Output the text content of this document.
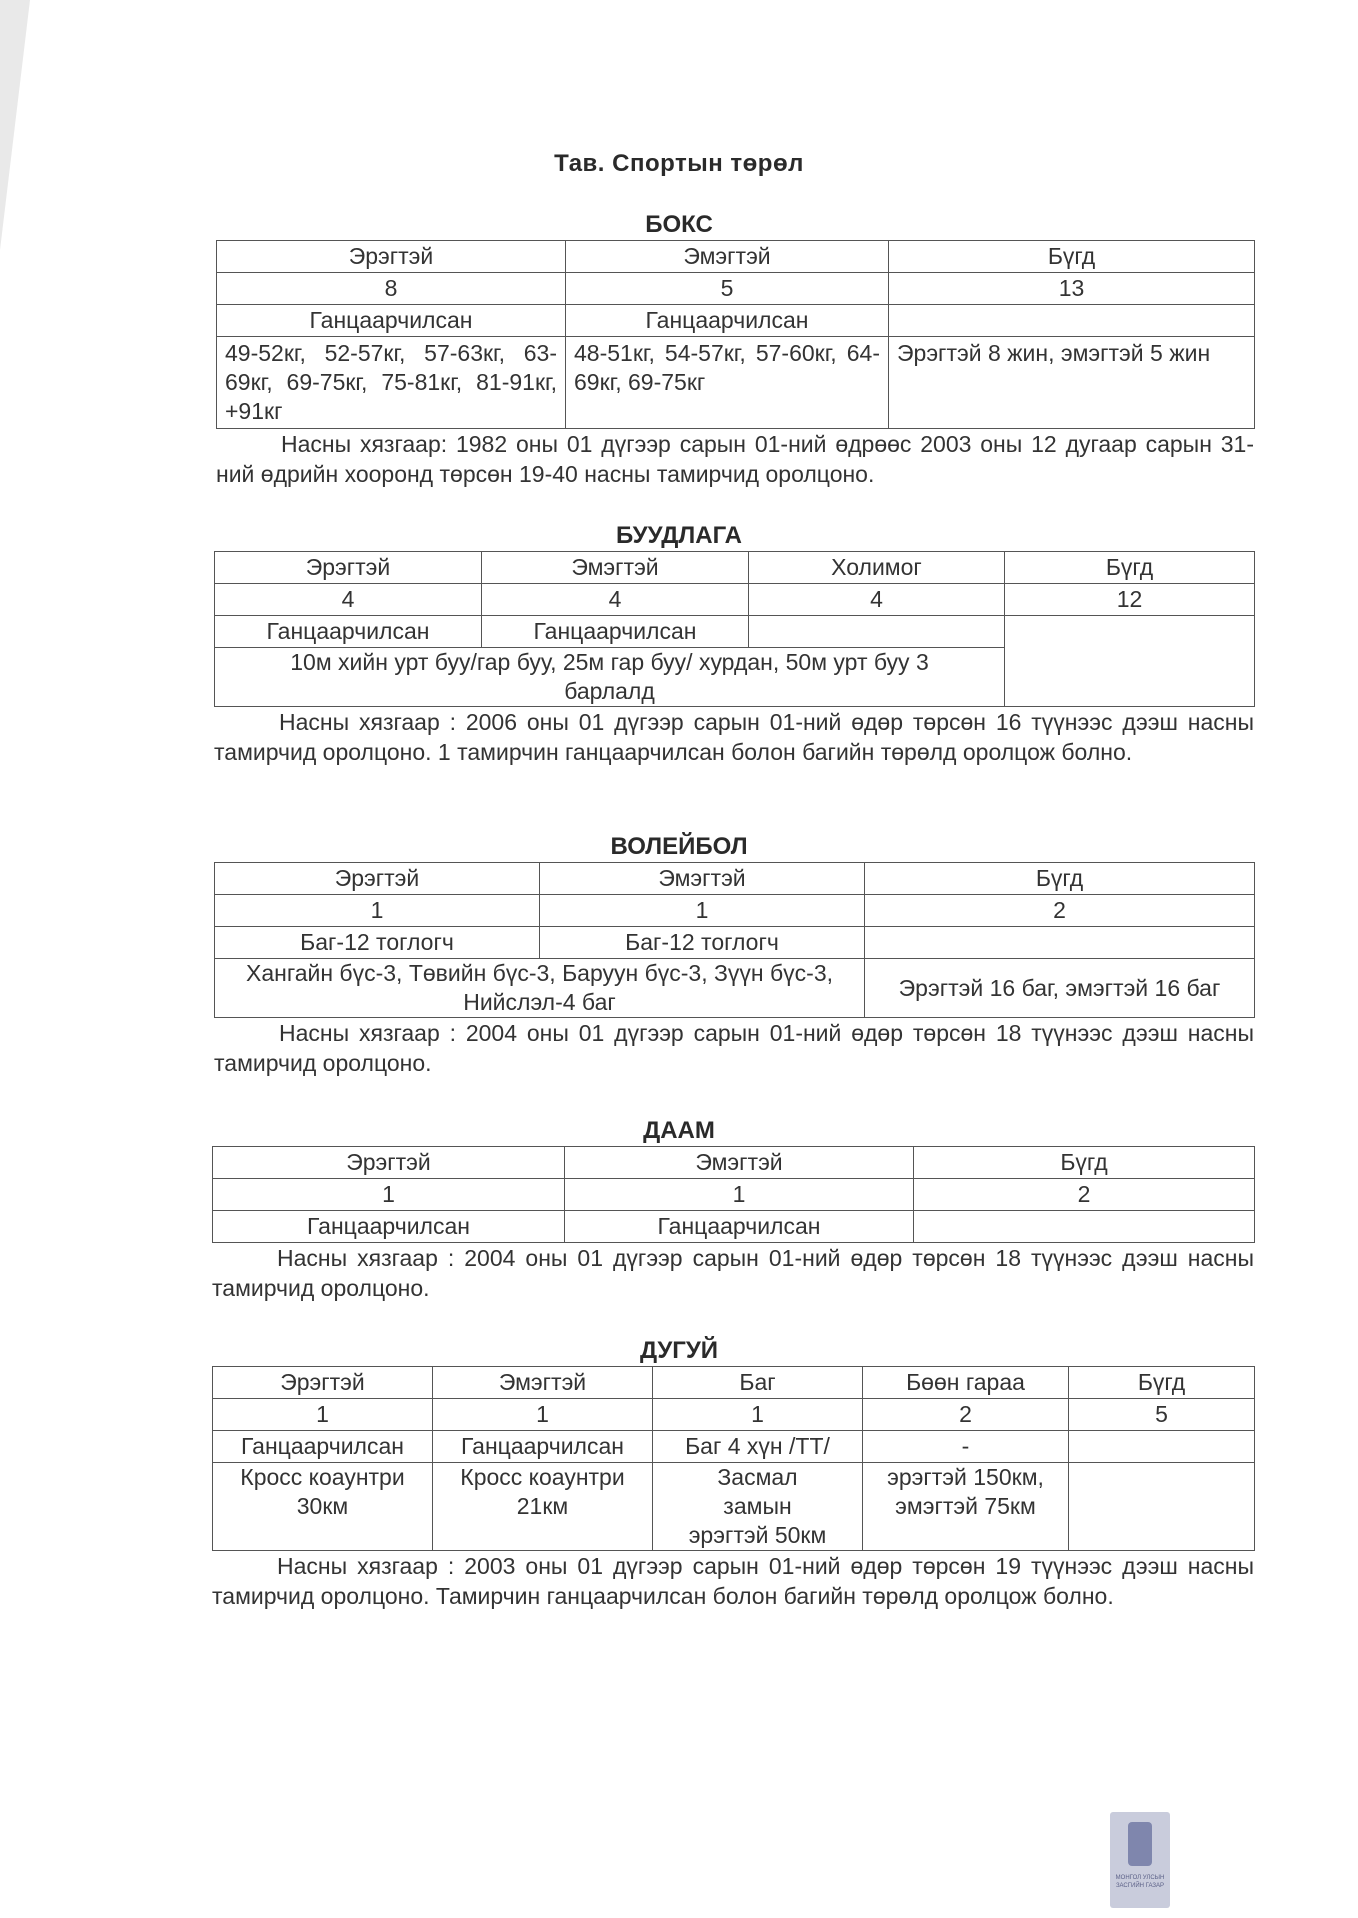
Тав. Спортын төрөл

БОКС

Эрэгтэй	Эмэгтэй	Бүгд
8	5	13
Ганцаарчилсан	Ганцаарчилсан	
49-52кг, 52-57кг, 57-63кг, 63-69кг, 69-75кг, 75-81кг, 81-91кг, +91кг	48-51кг, 54-57кг, 57-60кг, 64-69кг, 69-75кг	Эрэгтэй 8 жин, эмэгтэй 5 жин

Насны хязгаар: 1982 оны 01 дүгээр сарын 01-ний өдрөөс 2003 оны 12 дугаар сарын 31-ний өдрийн хооронд төрсөн 19-40 насны тамирчид оролцоно.

БУУДЛАГА

Эрэгтэй	Эмэгтэй	Холимог	Бүгд
4	4	4	12
Ганцаарчилсан	Ганцаарчилсан		
10м хийн урт буу/гар буу, 25м гар буу/ хурдан, 50м урт буу 3 барлалд			

Насны хязгаар : 2006 оны 01 дүгээр сарын 01-ний өдөр төрсөн 16 түүнээс дээш насны тамирчид оролцоно. 1 тамирчин ганцаарчилсан болон багийн төрөлд оролцож болно.

ВОЛЕЙБОЛ

Эрэгтэй	Эмэгтэй	Бүгд
1	1	2
Баг-12 тоглогч	Баг-12 тоглогч	
Хангайн бүс-3, Төвийн бүс-3, Баруун бүс-3, Зүүн бүс-3, Нийслэл-4 баг		Эрэгтэй 16 баг, эмэгтэй 16 баг

Насны хязгаар : 2004 оны 01 дүгээр сарын 01-ний өдөр төрсөн 18 түүнээс дээш насны тамирчид оролцоно.

ДААМ

Эрэгтэй	Эмэгтэй	Бүгд
1	1	2
Ганцаарчилсан	Ганцаарчилсан	

Насны хязгаар : 2004 оны 01 дүгээр сарын 01-ний өдөр төрсөн 18 түүнээс дээш насны тамирчид оролцоно.

ДУГУЙ

Эрэгтэй	Эмэгтэй	Баг	Бөөн гараа	Бүгд
1	1	1	2	5
Ганцаарчилсан	Ганцаарчилсан	Баг 4 хүн /ТТ/	-	
Кросс коаунтри 30км	Кросс коаунтри 21км	Засмал замын эрэгтэй 50км	эрэгтэй 150км, эмэгтэй 75км	

Насны хязгаар : 2003 оны 01 дүгээр сарын 01-ний өдөр төрсөн 19 түүнээс дээш насны тамирчид оролцоно. Тамирчин ганцаарчилсан болон багийн төрөлд оролцож болно.

МОНГОЛ УЛСЫН ЗАСГИЙН ГАЗАР
